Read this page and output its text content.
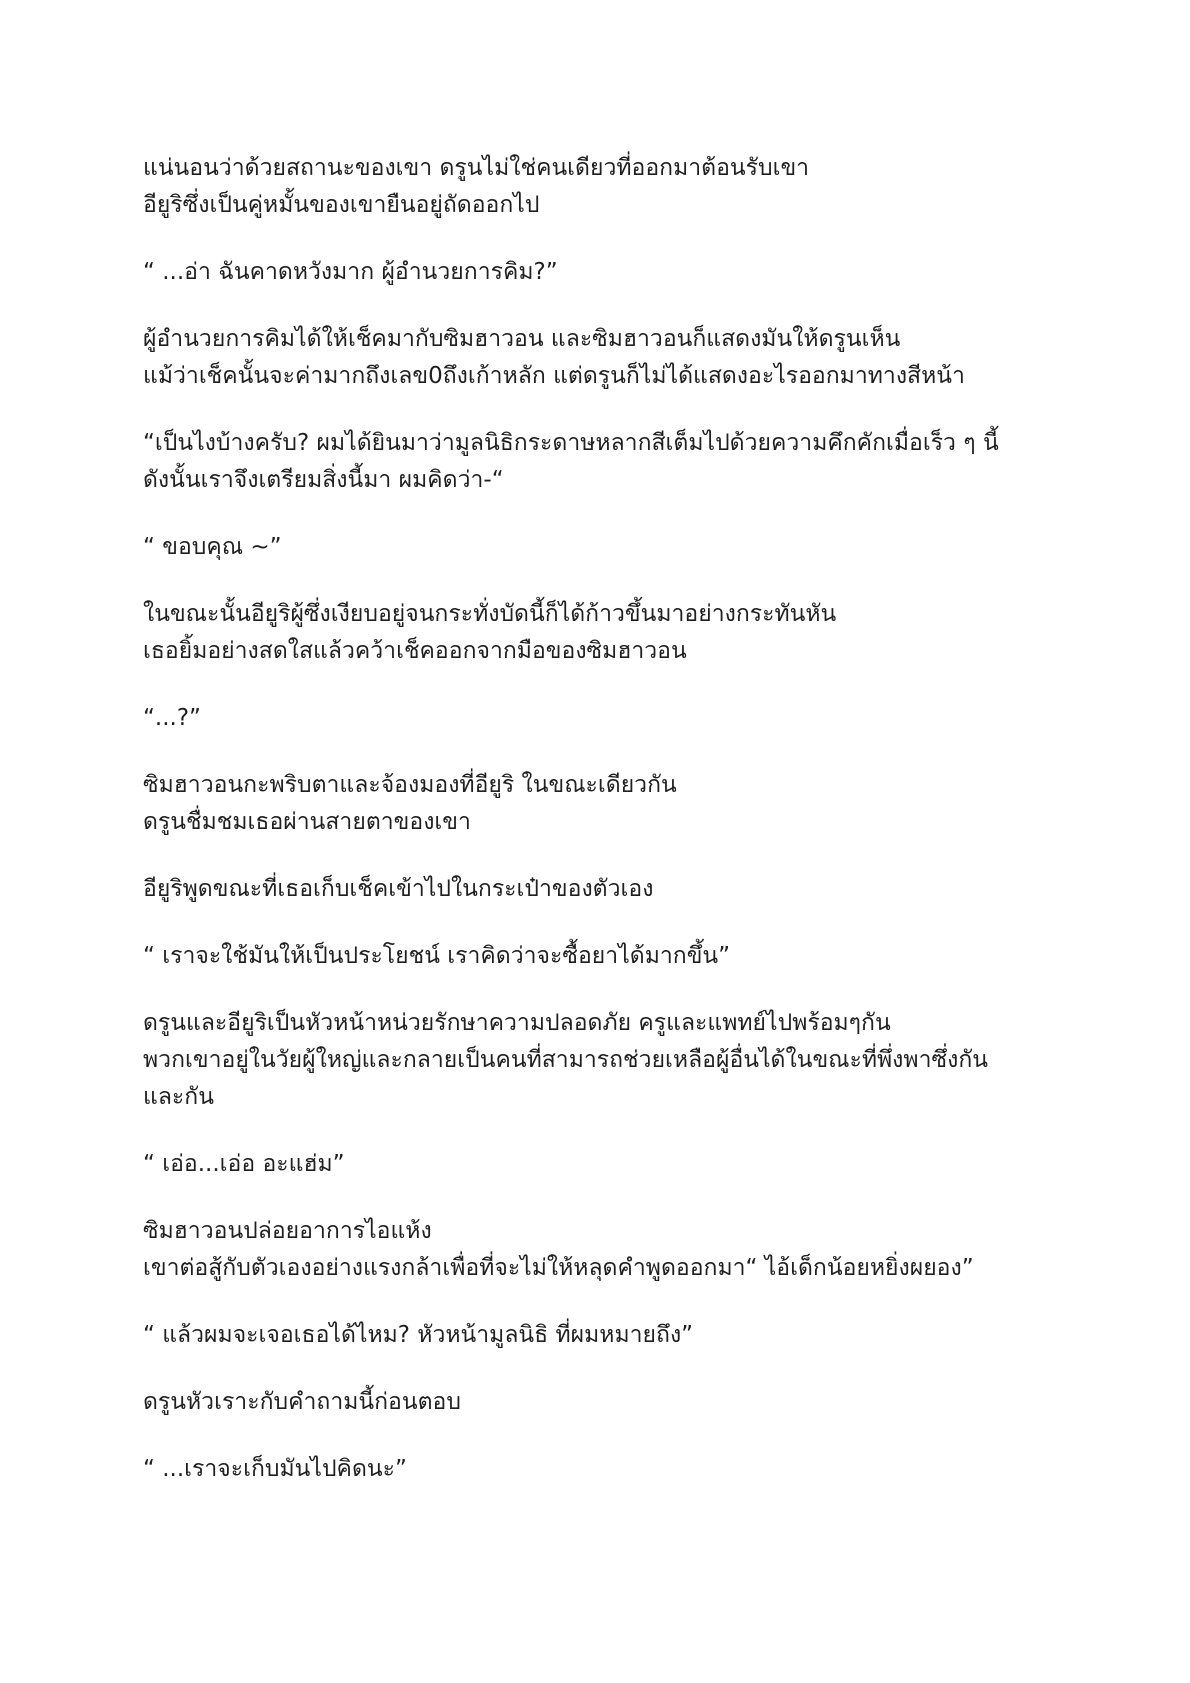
แน่นอนว่าด้วยสถานะของเขา ดรูนไม่ใช่คนเดียวที่ออกมาต้อนรับเขา
อียูริซึ่งเป็นคู่หมั้นของเขายืนอยู่ถัดออกไป

“ ...อ่า ฉันคาดหวังมาก ผู้อำนวยการคิม?”

ผู้อำนวยการคิมได้ให้เช็คมากับซิมฮาวอน และซิมฮาวอนก็แสดงมันให้ดรูนเห็น
แม้ว่าเช็คนั้นจะค่ามากถึงเลข0ถึงเก้าหลัก แต่ดรูนก็ไม่ได้แสดงอะไรออกมาทางสีหน้า

“เป็นไงบ้างครับ? ผมได้ยินมาว่ามูลนิธิกระดาษหลากสีเต็มไปด้วยความคึกคักเมื่อเร็ว ๆ นี้
ดังนั้นเราจึงเตรียมสิ่งนี้มา ผมคิดว่า-“

“ ขอบคุณ ~”

ในขณะนั้นอียูริผู้ซึ่งเงียบอยู่จนกระทั่งบัดนี้ก็ได้ก้าวขึ้นมาอย่างกระทันหัน
เธอยิ้มอย่างสดใสแล้วคว้าเช็คออกจากมือของซิมฮาวอน

“...?”

ซิมฮาวอนกะพริบตาและจ้องมองที่อียูริ ในขณะเดียวกัน
ดรูนชื่มชมเธอผ่านสายตาของเขา

อียูริพูดขณะที่เธอเก็บเช็คเข้าไปในกระเป๋าของตัวเอง

“ เราจะใช้มันให้เป็นประโยชน์ เราคิดว่าจะซื้อยาได้มากขึ้น”

ดรูนและอียูริเป็นหัวหน้าหน่วยรักษาความปลอดภัย ครูและแพทย์ไปพร้อมๆกัน
พวกเขาอยู่ในวัยผู้ใหญ่และกลายเป็นคนที่สามารถช่วยเหลือผู้อื่นได้ในขณะที่พึ่งพาซึ่งกัน
และกัน

“ เอ่อ...เอ่อ อะแฮ่ม”

ซิมฮาวอนปล่อยอาการไอแห้ง
เขาต่อสู้กับตัวเองอย่างแรงกล้าเพื่อที่จะไม่ให้หลุดคำพูดออกมา“ ไอ้เด็กน้อยหยิ่งผยอง”

“ แล้วผมจะเจอเธอได้ไหม? หัวหน้ามูลนิธิ ที่ผมหมายถึง”

ดรูนหัวเราะกับคำถามนี้ก่อนตอบ

“ ...เราจะเก็บมันไปคิดนะ”
